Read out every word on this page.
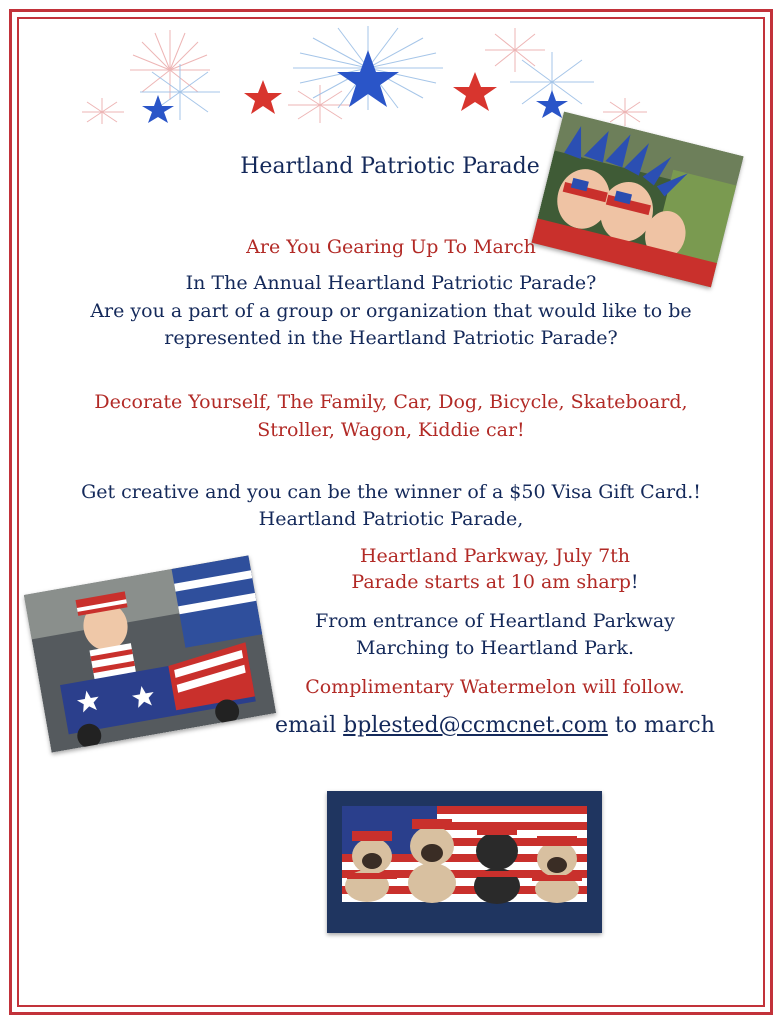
Heartland Patriotic Parade
Are You Gearing Up To March
In The Annual Heartland Patriotic Parade?
Are you a part of a group or organization that would like to be
represented in the Heartland Patriotic Parade?
Decorate Yourself, The Family, Car, Dog, Bicycle, Skateboard,
Stroller, Wagon, Kiddie car!
Get creative and you can be the winner of a $50 Visa Gift Card.!
Heartland Patriotic Parade,
Heartland Parkway, July 7th
Parade starts at 10 am sharp!
From entrance of Heartland Parkway
Marching to Heartland Park.
Complimentary Watermelon will follow.
email bplested@ccmcnet.com to march
